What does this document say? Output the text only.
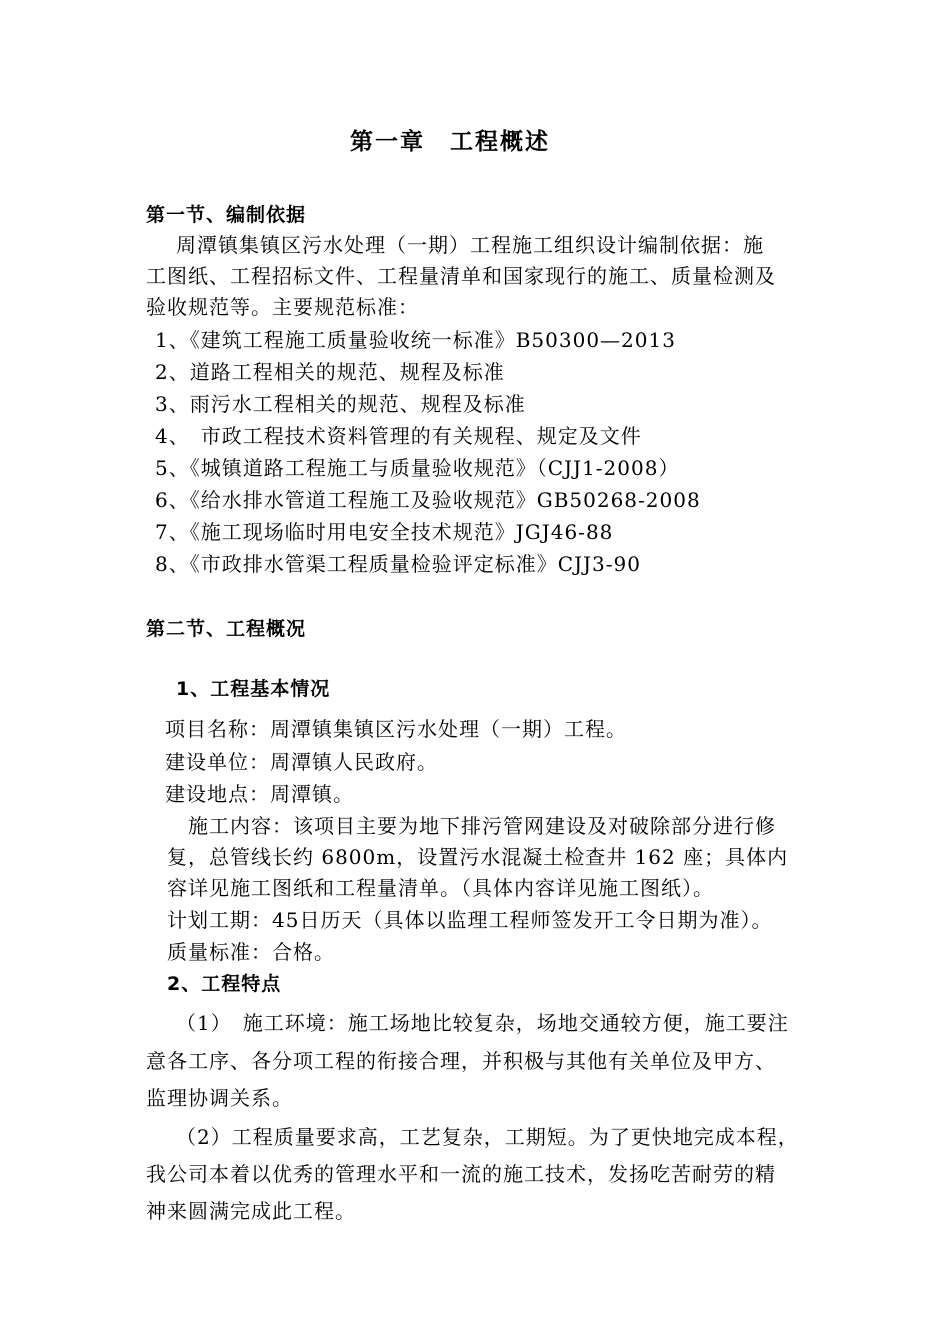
第一章　工程概述
第一节、编制依据
周潭镇集镇区污水处理（一期）工程施工组织设计编制依据：施
工图纸、工程招标文件、工程量清单和国家现行的施工、质量检测及
验收规范等。主要规范标准：
1、《建筑工程施工质量验收统一标准》B50300—2013
2、道路工程相关的规范、规程及标准
3、雨污水工程相关的规范、规程及标准
4、　市政工程技术资料管理的有关规程、规定及文件
5、《城镇道路工程施工与质量验收规范》（CJJ1-2008）
6、《给水排水管道工程施工及验收规范》GB50268-2008
7、《施工现场临时用电安全技术规范》JGJ46-88
8、《市政排水管渠工程质量检验评定标准》CJJ3-90
第二节、工程概况
1、工程基本情况
项目名称：周潭镇集镇区污水处理（一期）工程。
建设单位：周潭镇人民政府。
建设地点：周潭镇。
施工内容：该项目主要为地下排污管网建设及对破除部分进行修
复，总管线长约 6800m，设置污水混凝土检查井 162 座；具体内
容详见施工图纸和工程量清单。（具体内容详见施工图纸）。
计划工期：45日历天（具体以监理工程师签发开工令日期为准）。
质量标准：合格。
2、工程特点
（1）　施工环境：施工场地比较复杂，场地交通较方便，施工要注
意各工序、各分项工程的衔接合理，并积极与其他有关单位及甲方、
监理协调关系。
（2）工程质量要求高，工艺复杂，工期短。为了更快地完成本程，
我公司本着以优秀的管理水平和一流的施工技术，发扬吃苦耐劳的精
神来圆满完成此工程。
